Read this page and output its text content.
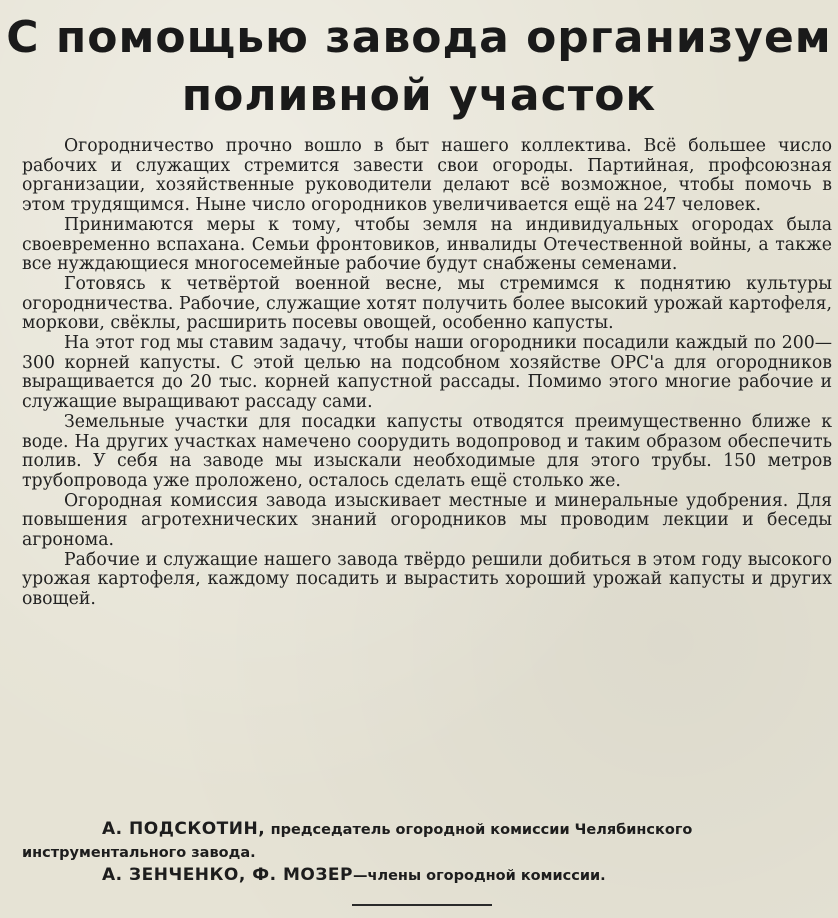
С помощью завода организуем
поливной участок

Огородничество прочно вошло в быт нашего коллектива. Всё большее число рабочих и служащих стремится завести свои огороды. Партийная, профсоюзная организации, хозяйственные руководители делают всё возможное, чтобы помочь в этом трудящимся. Ныне число огородников увеличивается ещё на 247 человек.

Принимаются меры к тому, чтобы земля на индивидуальных огородах была своевременно вспахана. Семьи фронтовиков, инвалиды Отечественной войны, а также все нуждающиеся многосемейные рабочие будут снабжены семенами.

Готовясь к четвёртой военной весне, мы стремимся к поднятию культуры огородничества. Рабочие, служащие хотят получить более высокий урожай картофеля, моркови, свёклы, расширить посевы овощей, особенно капусты.

На этот год мы ставим задачу, чтобы наши огородники посадили каждый по 200—300 корней капусты. С этой целью на подсобном хозяйстве ОРС'а для огородников выращивается до 20 тыс. корней капустной рассады. Помимо этого многие рабочие и служащие выращивают рассаду сами.

Земельные участки для посадки капусты отводятся преимущественно ближе к воде. На других участках намечено соорудить водопровод и таким образом обеспечить полив. У себя на заводе мы изыскали необходимые для этого трубы. 150 метров трубопровода уже проложено, осталось сделать ещё столько же.

Огородная комиссия завода изыскивает местные и минеральные удобрения. Для повышения агротехнических знаний огородников мы проводим лекции и беседы агронома.

Рабочие и служащие нашего завода твёрдо решили добиться в этом году высокого урожая картофеля, каждому посадить и вырастить хороший урожай капусты и других овощей.

А. ПОДСКОТИН, председатель огородной комиссии Челябинского инструментального завода.
А. ЗЕНЧЕНКО, Ф. МОЗЕР—члены огородной комиссии.
